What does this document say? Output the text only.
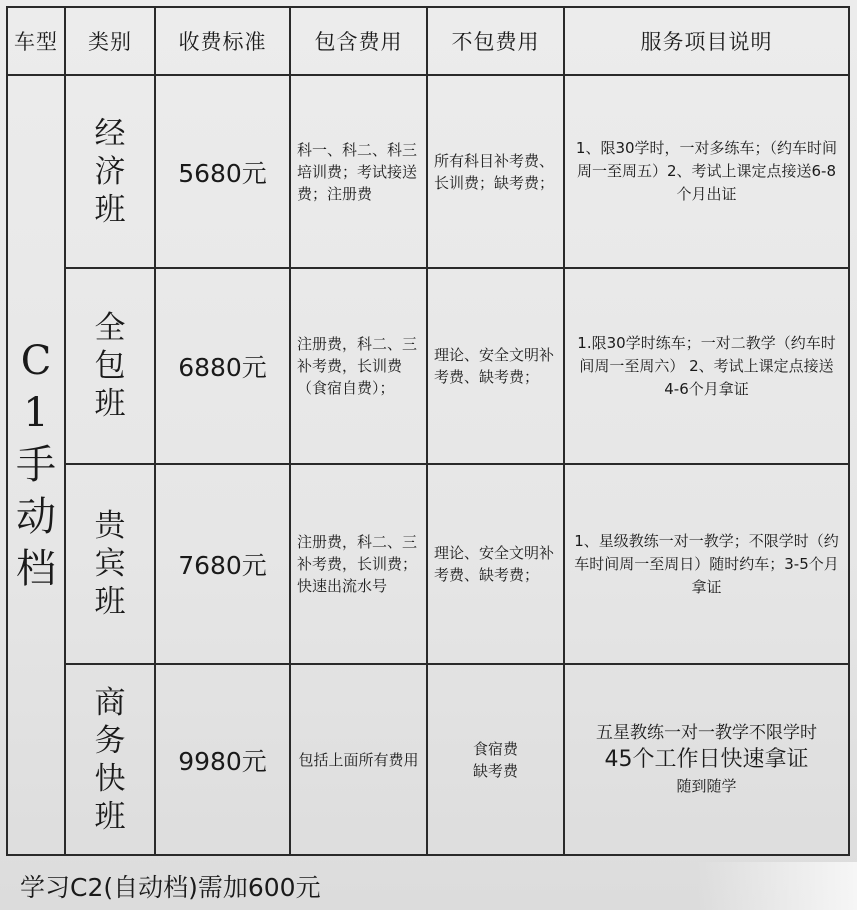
车型	类别	收费标准	包含费用	不包费用	服务项目说明

C
1
手
动
档	经
济
班	5680元	科一、科二、科三培训费；考试接送费；注册费	所有科目补考费、长训费；缺考费；	1、限30学时，一对多练车；（约车时间周一至周五）2、考试上课定点接送6-8个月出证

	全
包
班	6880元	注册费，科二、三补考费，长训费（食宿自费）；	理论、安全文明补考费、缺考费；	1.限30学时练车；一对二教学（约车时间周一至周六） 2、考试上课定点接送4-6个月拿证

	贵
宾
班	7680元	注册费，科二、三补考费，长训费；快速出流水号	理论、安全文明补考费、缺考费；	1、星级教练一对一教学；不限学时（约车时间周一至周日）随时约车；3-5个月拿证

	商
务
快
班	9980元	包括上面所有费用	食宿费
缺考费	五星教练一对一教学不限学时
45个工作日快速拿证
随到随学
学习C2(自动档)需加600元
